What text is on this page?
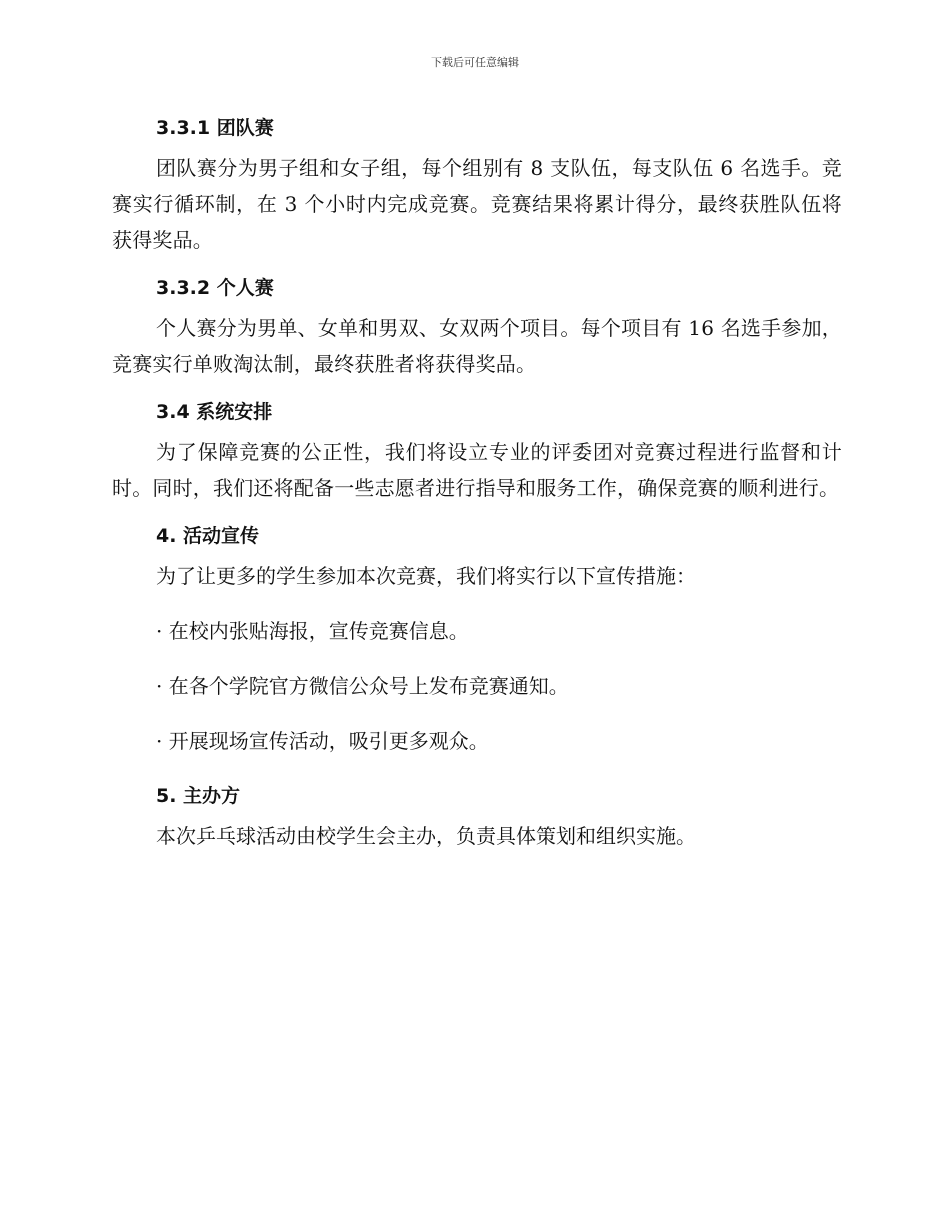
下载后可任意编辑
3.3.1 团队赛

团队赛分为男子组和女子组，每个组别有 8 支队伍，每支队伍 6 名选手。竞赛实行循环制，在 3 个小时内完成竞赛。竞赛结果将累计得分，最终获胜队伍将获得奖品。

3.3.2 个人赛

个人赛分为男单、女单和男双、女双两个项目。每个项目有 16 名选手参加，竞赛实行单败淘汰制，最终获胜者将获得奖品。

3.4 系统安排

为了保障竞赛的公正性，我们将设立专业的评委团对竞赛过程进行监督和计时。同时，我们还将配备一些志愿者进行指导和服务工作，确保竞赛的顺利进行。

4. 活动宣传

为了让更多的学生参加本次竞赛，我们将实行以下宣传措施：

· 在校内张贴海报，宣传竞赛信息。

· 在各个学院官方微信公众号上发布竞赛通知。

· 开展现场宣传活动，吸引更多观众。

5. 主办方

本次乒乓球活动由校学生会主办，负责具体策划和组织实施。
